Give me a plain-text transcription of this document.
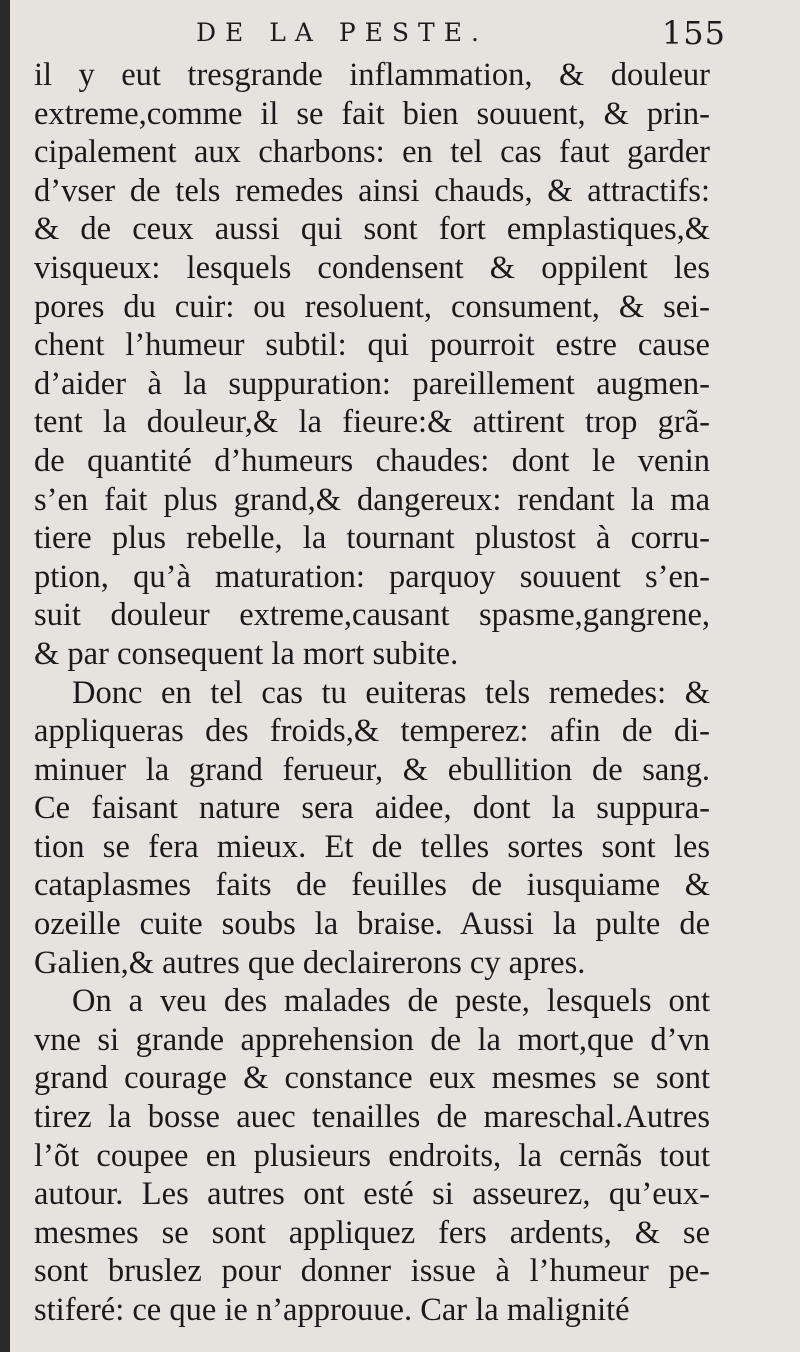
DE LA PESTE.	155
il y eut tresgrande inflammation, & douleur
extreme,comme il se fait bien souuent, & prin-
cipalement aux charbons: en tel cas faut garder
d’vser de tels remedes ainsi chauds, & attractifs:
& de ceux aussi qui sont fort emplastiques,&
visqueux: lesquels condensent & oppilent les
pores du cuir: ou resoluent, consument, & sei-
chent l’humeur subtil: qui pourroit estre cause
d’aider à la suppuration: pareillement augmen-
tent la douleur,& la fieure:& attirent trop grã-
de quantité d’humeurs chaudes: dont le venin
s’en fait plus grand,& dangereux: rendant la ma
tiere plus rebelle, la tournant plustost à corru-
ption, qu’à maturation: parquoy souuent s’en-
suit douleur extreme,causant spasme,gangrene,
& par consequent la mort subite.
Donc en tel cas tu euiteras tels remedes: &
appliqueras des froids,& temperez: afin de di-
minuer la grand ferueur, & ebullition de sang.
Ce faisant nature sera aidee, dont la suppura-
tion se fera mieux. Et de telles sortes sont les
cataplasmes faits de feuilles de iusquiame &
ozeille cuite soubs la braise. Aussi la pulte de
Galien,& autres que declairerons cy apres.
On a veu des malades de peste, lesquels ont
vne si grande apprehension de la mort,que d’vn
grand courage & constance eux mesmes se sont
tirez la bosse auec tenailles de mareschal.Autres
l’õt coupee en plusieurs endroits, la cernãs tout
autour. Les autres ont esté si asseurez, qu’eux-
mesmes se sont appliquez fers ardents, & se
sont bruslez pour donner issue à l’humeur pe-
stiferé: ce que ie n’approuue. Car la malignité
